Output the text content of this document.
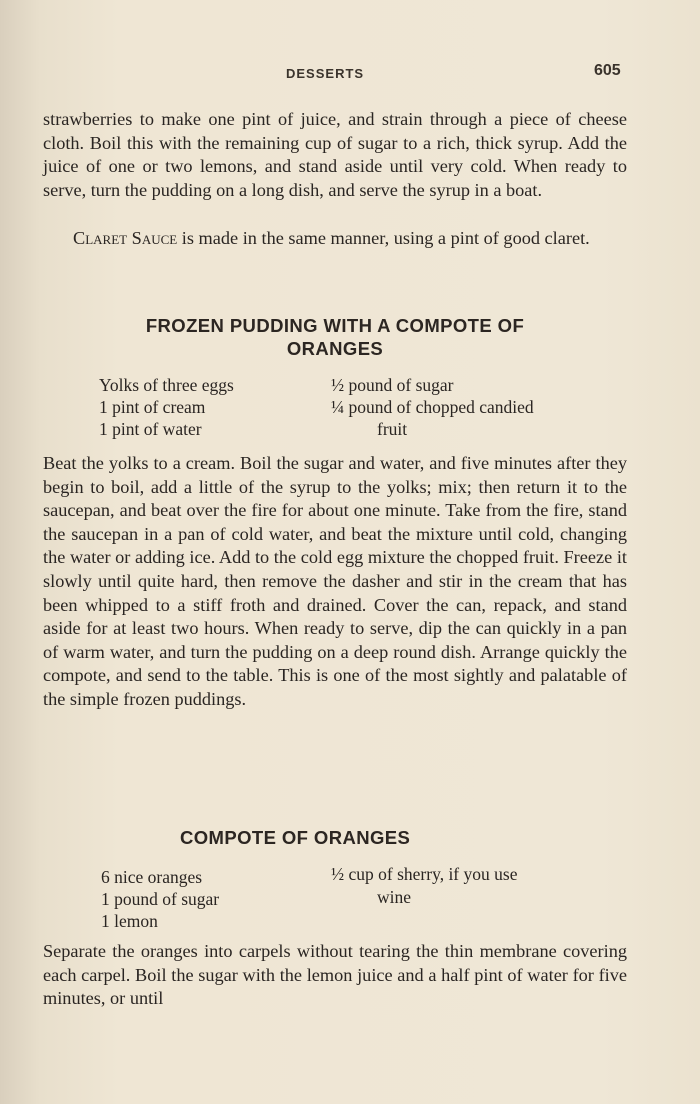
DESSERTS	605
strawberries to make one pint of juice, and strain through a piece of cheese cloth. Boil this with the remaining cup of sugar to a rich, thick syrup. Add the juice of one or two lemons, and stand aside until very cold. When ready to serve, turn the pudding on a long dish, and serve the syrup in a boat.
Claret Sauce is made in the same manner, using a pint of good claret.
FROZEN PUDDING WITH A COMPOTE OF
ORANGES
Yolks of three eggs
1 pint of cream
1 pint of water
½ pound of sugar
¼ pound of chopped candied
fruit
Beat the yolks to a cream. Boil the sugar and water, and five minutes after they begin to boil, add a little of the syrup to the yolks; mix; then return it to the saucepan, and beat over the fire for about one minute. Take from the fire, stand the saucepan in a pan of cold water, and beat the mixture until cold, changing the water or adding ice. Add to the cold egg mixture the chopped fruit. Freeze it slowly until quite hard, then remove the dasher and stir in the cream that has been whipped to a stiff froth and drained. Cover the can, repack, and stand aside for at least two hours. When ready to serve, dip the can quickly in a pan of warm water, and turn the pudding on a deep round dish. Arrange quickly the compote, and send to the table. This is one of the most sightly and palatable of the simple frozen puddings.
COMPOTE OF ORANGES
6 nice oranges
1 pound of sugar
1 lemon
½ cup of sherry, if you use
wine
Separate the oranges into carpels without tearing the thin membrane covering each carpel. Boil the sugar with the lemon juice and a half pint of water for five minutes, or until
